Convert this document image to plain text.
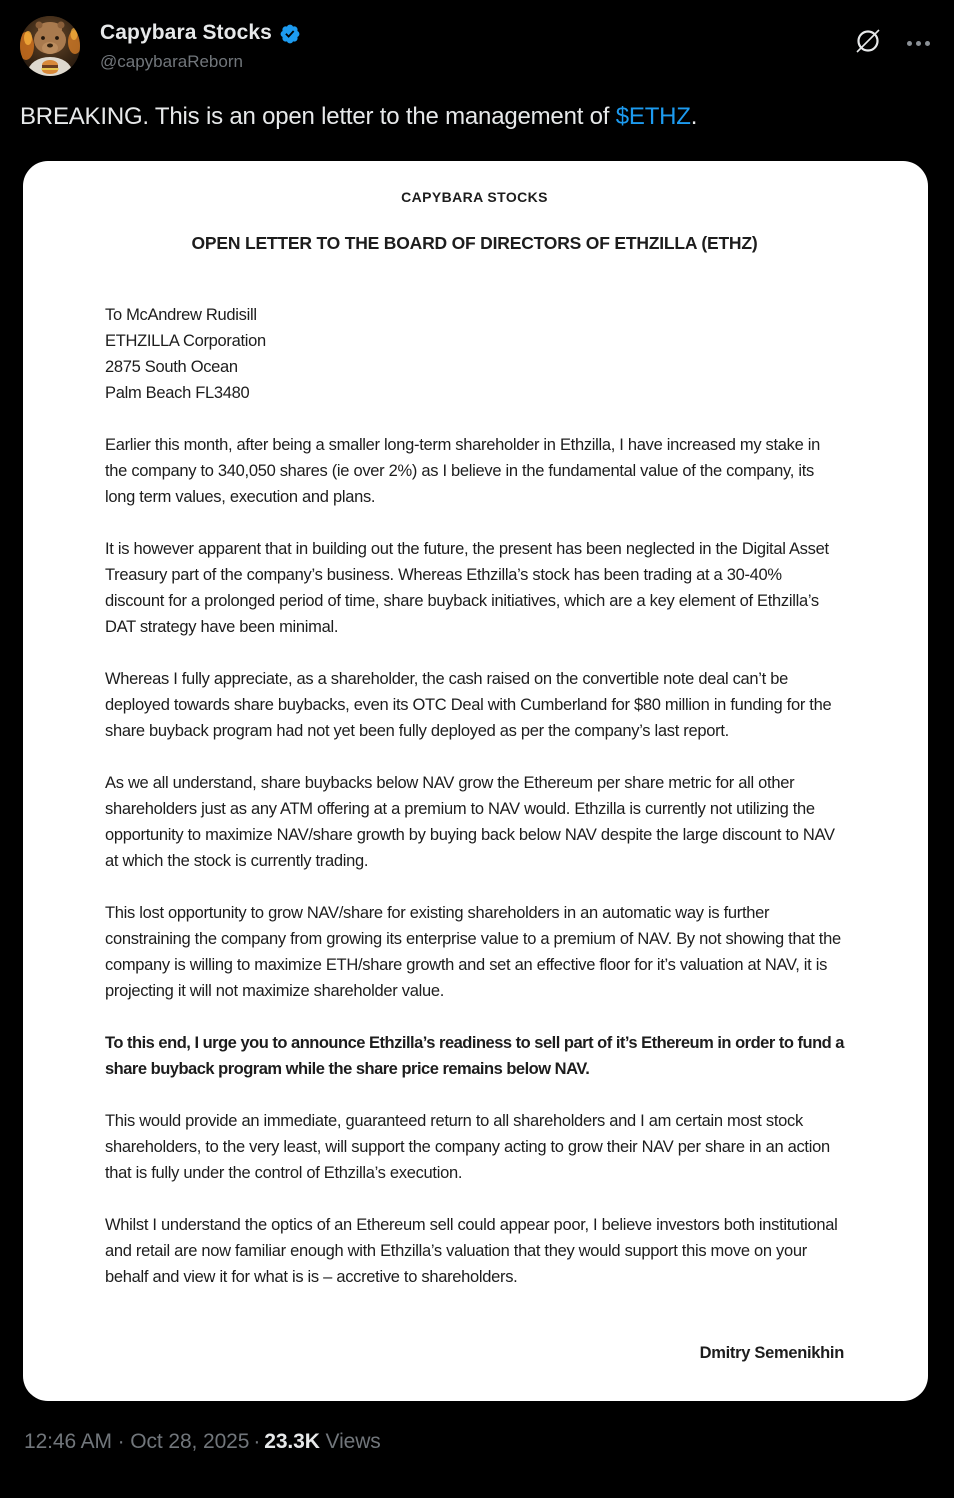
Capybara Stocks
@capybaraReborn
BREAKING. This is an open letter to the management of $ETHZ.
CAPYBARA STOCKS
OPEN LETTER TO THE BOARD OF DIRECTORS OF ETHZILLA (ETHZ)
To McAndrew Rudisill
ETHZILLA Corporation
2875 South Ocean
Palm Beach FL3480

Earlier this month, after being a smaller long-term shareholder in Ethzilla, I have increased my stake in the company to 340,050 shares (ie over 2%) as I believe in the fundamental value of the company, its long term values, execution and plans.

It is however apparent that in building out the future, the present has been neglected in the Digital Asset Treasury part of the company’s business. Whereas Ethzilla’s stock has been trading at a 30-40% discount for a prolonged period of time, share buyback initiatives, which are a key element of Ethzilla’s DAT strategy have been minimal.

Whereas I fully appreciate, as a shareholder, the cash raised on the convertible note deal can’t be deployed towards share buybacks, even its OTC Deal with Cumberland for $80 million in funding for the share buyback program had not yet been fully deployed as per the company’s last report.

As we all understand, share buybacks below NAV grow the Ethereum per share metric for all other shareholders just as any ATM offering at a premium to NAV would. Ethzilla is currently not utilizing the opportunity to maximize NAV/share growth by buying back below NAV despite the large discount to NAV at which the stock is currently trading.

This lost opportunity to grow NAV/share for existing shareholders in an automatic way is further constraining the company from growing its enterprise value to a premium of NAV. By not showing that the company is willing to maximize ETH/share growth and set an effective floor for it’s valuation at NAV, it is projecting it will not maximize shareholder value.

To this end, I urge you to announce Ethzilla’s readiness to sell part of it’s Ethereum in order to fund a share buyback program while the share price remains below NAV.

This would provide an immediate, guaranteed return to all shareholders and I am certain most stock shareholders, to the very least, will support the company acting to grow their NAV per share in an action that is fully under the control of Ethzilla’s execution.

Whilst I understand the optics of an Ethereum sell could appear poor, I believe investors both institutional and retail are now familiar enough with Ethzilla’s valuation that they would support this move on your behalf and view it for what is is – accretive to shareholders.

Dmitry Semenikhin
12:46 AM · Oct 28, 2025 · 23.3K Views
